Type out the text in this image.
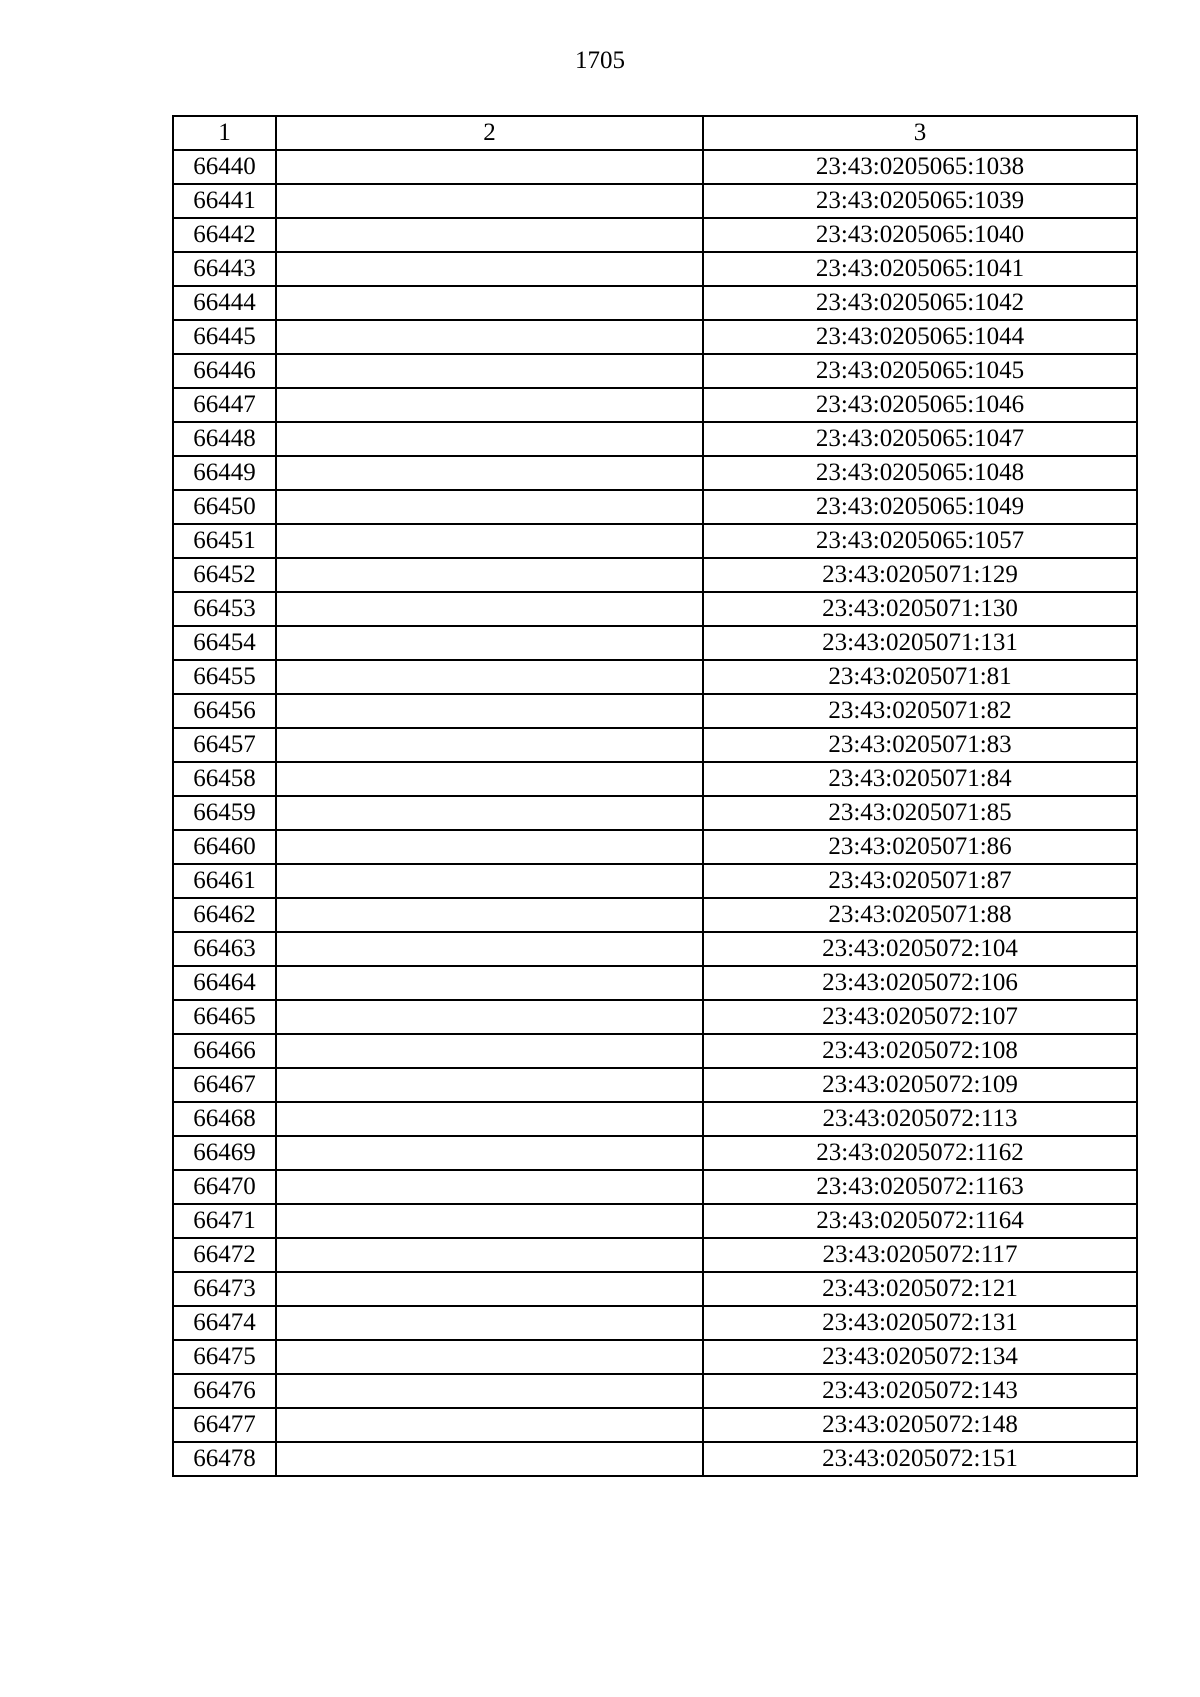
1705
1	2	3
66440		23:43:0205065:1038
66441		23:43:0205065:1039
66442		23:43:0205065:1040
66443		23:43:0205065:1041
66444		23:43:0205065:1042
66445		23:43:0205065:1044
66446		23:43:0205065:1045
66447		23:43:0205065:1046
66448		23:43:0205065:1047
66449		23:43:0205065:1048
66450		23:43:0205065:1049
66451		23:43:0205065:1057
66452		23:43:0205071:129
66453		23:43:0205071:130
66454		23:43:0205071:131
66455		23:43:0205071:81
66456		23:43:0205071:82
66457		23:43:0205071:83
66458		23:43:0205071:84
66459		23:43:0205071:85
66460		23:43:0205071:86
66461		23:43:0205071:87
66462		23:43:0205071:88
66463		23:43:0205072:104
66464		23:43:0205072:106
66465		23:43:0205072:107
66466		23:43:0205072:108
66467		23:43:0205072:109
66468		23:43:0205072:113
66469		23:43:0205072:1162
66470		23:43:0205072:1163
66471		23:43:0205072:1164
66472		23:43:0205072:117
66473		23:43:0205072:121
66474		23:43:0205072:131
66475		23:43:0205072:134
66476		23:43:0205072:143
66477		23:43:0205072:148
66478		23:43:0205072:151
